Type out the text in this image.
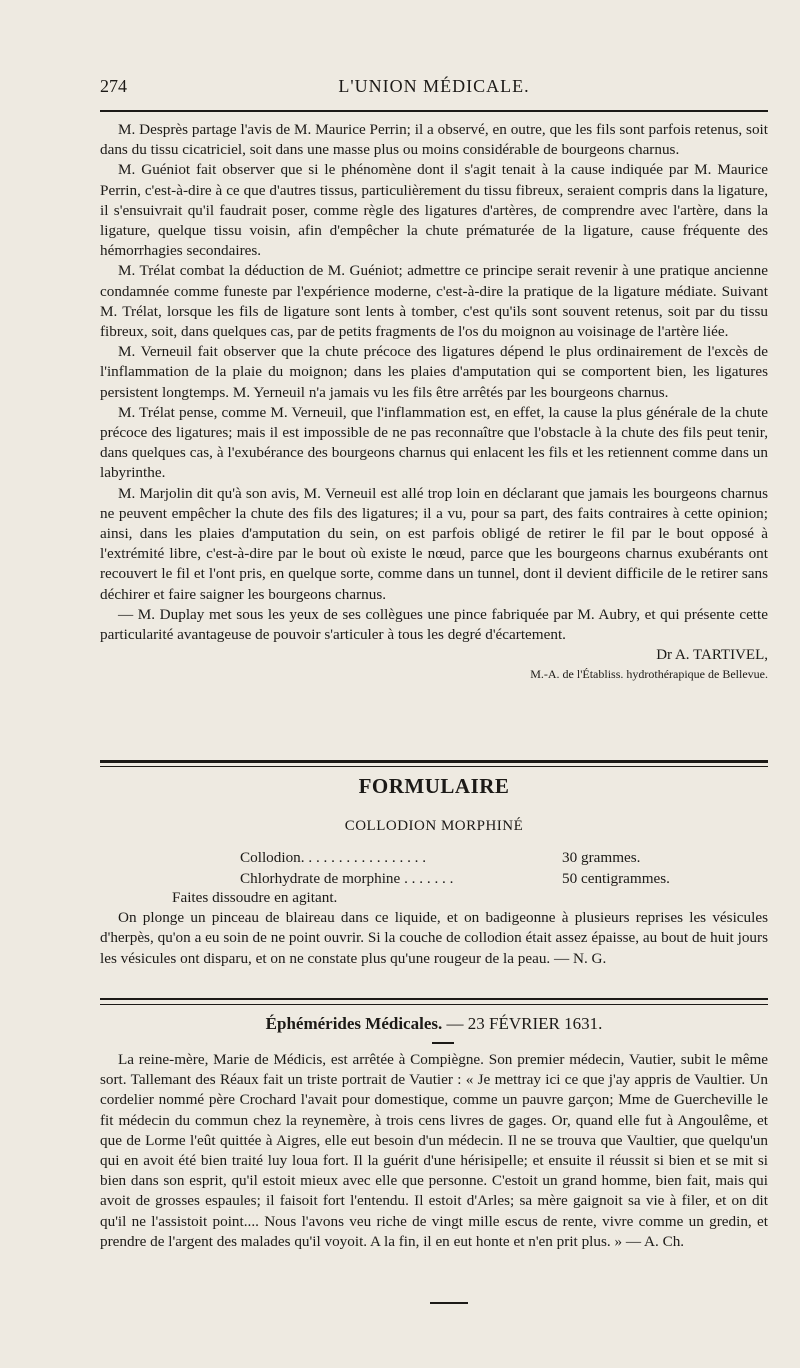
274	L'UNION MÉDICALE.

M. Desprès partage l'avis de M. Maurice Perrin; il a observé, en outre, que les fils sont parfois retenus, soit dans du tissu cicatriciel, soit dans une masse plus ou moins considérable de bourgeons charnus.

M. Guéniot fait observer que si le phénomène dont il s'agit tenait à la cause indiquée par M. Maurice Perrin, c'est-à-dire à ce que d'autres tissus, particulièrement du tissu fibreux, seraient compris dans la ligature, il s'ensuivrait qu'il faudrait poser, comme règle des ligatures d'artères, de comprendre avec l'artère, dans la ligature, quelque tissu voisin, afin d'empêcher la chute prématurée de la ligature, cause fréquente des hémorrhagies secondaires.

M. Trélat combat la déduction de M. Guéniot; admettre ce principe serait revenir à une pratique ancienne condamnée comme funeste par l'expérience moderne, c'est-à-dire la pratique de la ligature médiate. Suivant M. Trélat, lorsque les fils de ligature sont lents à tomber, c'est qu'ils sont souvent retenus, soit par du tissu fibreux, soit, dans quelques cas, par de petits fragments de l'os du moignon au voisinage de l'artère liée.

M. Verneuil fait observer que la chute précoce des ligatures dépend le plus ordinairement de l'excès de l'inflammation de la plaie du moignon; dans les plaies d'amputation qui se comportent bien, les ligatures persistent longtemps. M. Yerneuil n'a jamais vu les fils être arrêtés par les bourgeons charnus.

M. Trélat pense, comme M. Verneuil, que l'inflammation est, en effet, la cause la plus générale de la chute précoce des ligatures; mais il est impossible de ne pas reconnaître que l'obstacle à la chute des fils peut tenir, dans quelques cas, à l'exubérance des bourgeons charnus qui enlacent les fils et les retiennent comme dans un labyrinthe.

M. Marjolin dit qu'à son avis, M. Verneuil est allé trop loin en déclarant que jamais les bourgeons charnus ne peuvent empêcher la chute des fils des ligatures; il a vu, pour sa part, des faits contraires à cette opinion; ainsi, dans les plaies d'amputation du sein, on est parfois obligé de retirer le fil par le bout opposé à l'extrémité libre, c'est-à-dire par le bout où existe le nœud, parce que les bourgeons charnus exubérants ont recouvert le fil et l'ont pris, en quelque sorte, comme dans un tunnel, dont il devient difficile de le retirer sans déchirer et faire saigner les bourgeons charnus.

— M. Duplay met sous les yeux de ses collègues une pince fabriquée par M. Aubry, et qui présente cette particularité avantageuse de pouvoir s'articuler à tous les degré d'écartement.

Dr A. TARTIVEL,
M.-A. de l'Établiss. hydrothérapique de Bellevue.
FORMULAIRE
COLLODION MORPHINÉ
Collodion. . . . . . . . . . . . . . . . .	30 grammes.
Chlorhydrate de morphine . . . . . . .	50 centigrammes.

Faites dissoudre en agitant.

On plonge un pinceau de blaireau dans ce liquide, et on badigeonne à plusieurs reprises les vésicules d'herpès, qu'on a eu soin de ne point ouvrir. Si la couche de collodion était assez épaisse, au bout de huit jours les vésicules ont disparu, et on ne constate plus qu'une rougeur de la peau. — N. G.

Éphémérides Médicales. — 23 FÉVRIER 1631.

La reine-mère, Marie de Médicis, est arrêtée à Compiègne. Son premier médecin, Vautier, subit le même sort. Tallemant des Réaux fait un triste portrait de Vautier : « Je mettray ici ce que j'ay appris de Vaultier. Un cordelier nommé père Crochard l'avait pour domestique, comme un pauvre garçon; Mme de Guercheville le fit médecin du commun chez la reynemère, à trois cens livres de gages. Or, quand elle fut à Angoulême, et que de Lorme l'eût quittée à Aigres, elle eut besoin d'un médecin. Il ne se trouva que Vaultier, que quelqu'un qui en avoit été bien traité luy loua fort. Il la guérit d'une hérisipelle; et ensuite il réussit si bien et se mit si bien dans son esprit, qu'il estoit mieux avec elle que personne. C'estoit un grand homme, bien fait, mais qui avoit de grosses espaules; il faisoit fort l'entendu. Il estoit d'Arles; sa mère gaignoit sa vie à filer, et on dit qu'il ne l'assistoit point.... Nous l'avons veu riche de vingt mille escus de rente, vivre comme un gredin, et prendre de l'argent des malades qu'il voyoit. A la fin, il en eut honte et n'en prit plus. » — A. Ch.
